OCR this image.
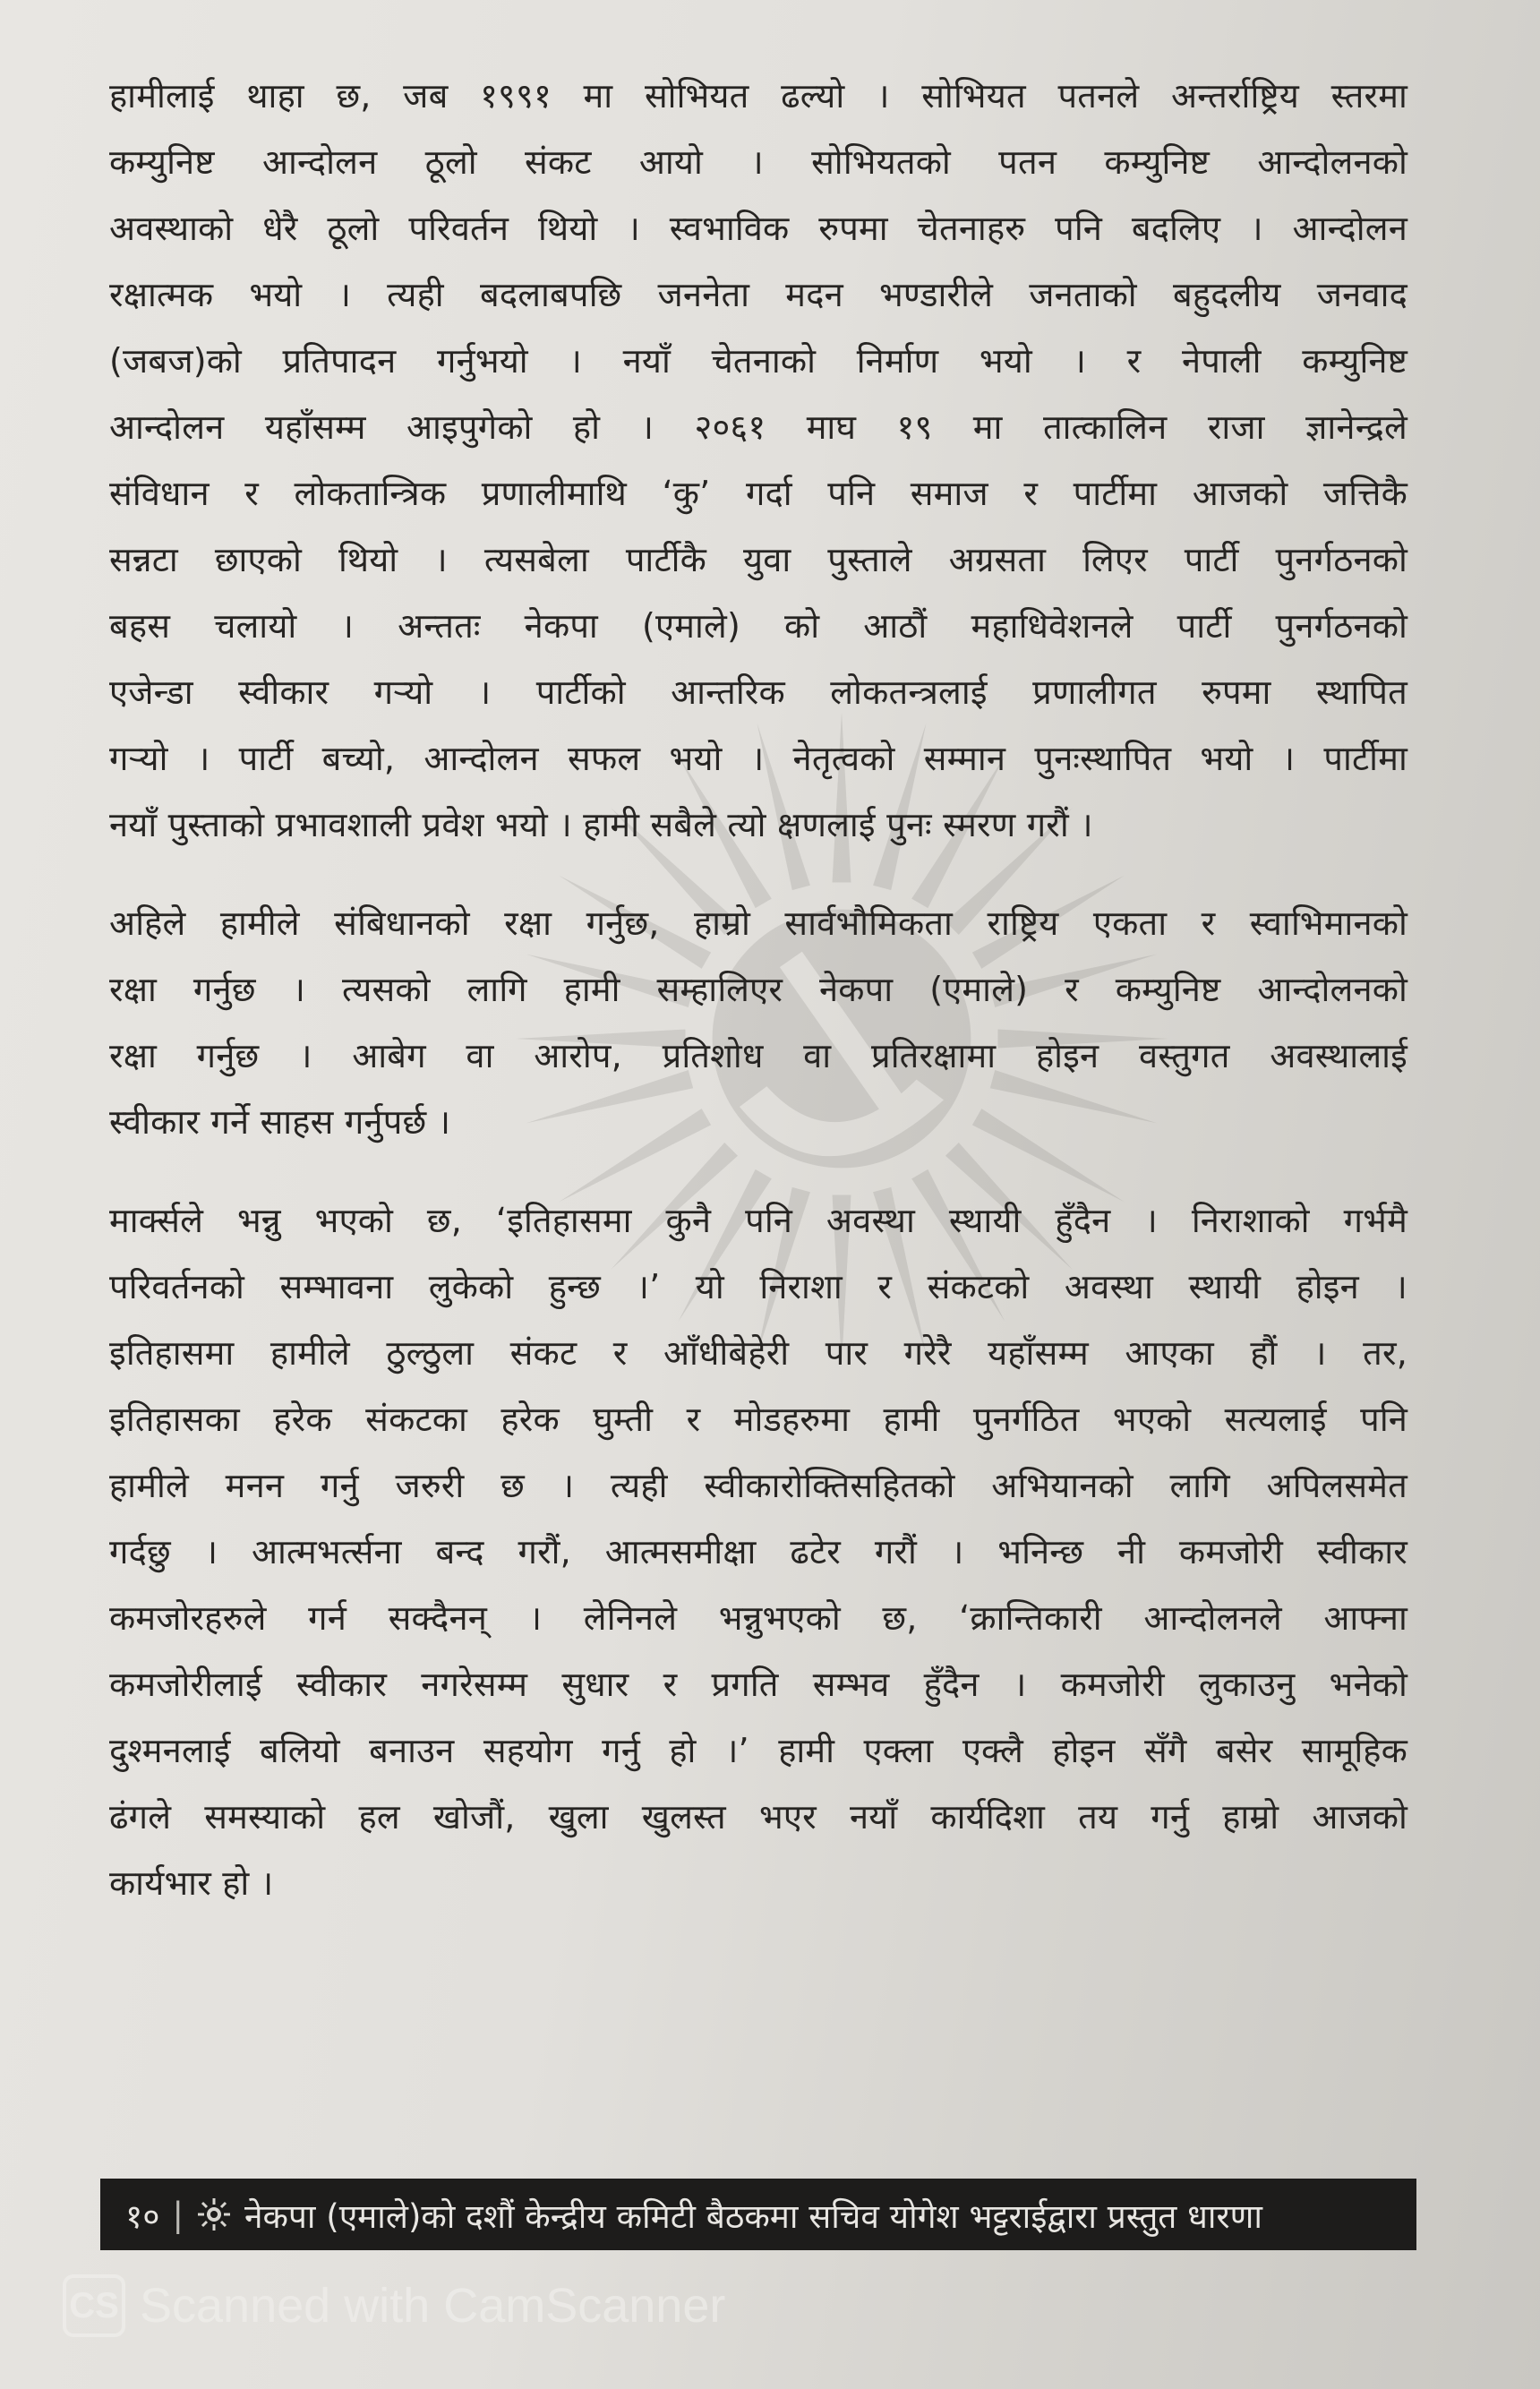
हामीलाई थाहा छ, जब १९९१ मा सोभियत ढल्यो । सोभियत पतनले अन्तर्राष्ट्रिय स्तरमा
कम्युनिष्ट आन्दोलन ठूलो संकट आयो । सोभियतको पतन कम्युनिष्ट आन्दोलनको
अवस्थाको धेरै ठूलो परिवर्तन थियो । स्वभाविक रुपमा चेतनाहरु पनि बदलिए । आन्दोलन
रक्षात्मक भयो । त्यही बदलाबपछि जननेता मदन भण्डारीले जनताको बहुदलीय जनवाद
(जबज)को प्रतिपादन गर्नुभयो । नयाँ चेतनाको निर्माण भयो । र नेपाली कम्युनिष्ट
आन्दोलन यहाँसम्म आइपुगेको हो । २०६१ माघ १९ मा तात्कालिन राजा ज्ञानेन्द्रले
संविधान र लोकतान्त्रिक प्रणालीमाथि ‘कु’ गर्दा पनि समाज र पार्टीमा आजको जत्तिकै
सन्नटा छाएको थियो । त्यसबेला पार्टीकै युवा पुस्ताले अग्रसता लिएर पार्टी पुनर्गठनको
बहस चलायो । अन्ततः नेकपा (एमाले) को आठौं महाधिवेशनले पार्टी पुनर्गठनको
एजेन्डा स्वीकार गऱ्यो । पार्टीको आन्तरिक लोकतन्त्रलाई प्रणालीगत रुपमा स्थापित
गऱ्यो । पार्टी बच्यो, आन्दोलन सफल भयो । नेतृत्वको सम्मान पुनःस्थापित भयो । पार्टीमा
नयाँ पुस्ताको प्रभावशाली प्रवेश भयो । हामी सबैले त्यो क्षणलाई पुनः स्मरण गरौं ।
अहिले हामीले संबिधानको रक्षा गर्नुछ, हाम्रो सार्वभौमिकता राष्ट्रिय एकता र स्वाभिमानको
रक्षा गर्नुछ । त्यसको लागि हामी सम्हालिएर नेकपा (एमाले) र कम्युनिष्ट आन्दोलनको
रक्षा गर्नुछ । आबेग वा आरोप, प्रतिशोध वा प्रतिरक्षामा होइन वस्तुगत अवस्थालाई
स्वीकार गर्ने साहस गर्नुपर्छ ।
मार्क्सले भन्नु भएको छ, ‘इतिहासमा कुनै पनि अवस्था स्थायी हुँदैन । निराशाको गर्भमै
परिवर्तनको सम्भावना लुकेको हुन्छ ।’ यो निराशा र संकटको अवस्था स्थायी होइन ।
इतिहासमा हामीले ठुल्ठुला संकट र आँधीबेहेरी पार गरेरै यहाँसम्म आएका हौं । तर,
इतिहासका हरेक संकटका हरेक घुम्ती र मोडहरुमा हामी पुनर्गठित भएको सत्यलाई पनि
हामीले मनन गर्नु जरुरी छ । त्यही स्वीकारोक्तिसहितको अभियानको लागि अपिलसमेत
गर्दछु । आत्मभर्त्सना बन्द गरौं, आत्मसमीक्षा ढटेर गरौं । भनिन्छ नी कमजोरी स्वीकार
कमजोरहरुले गर्न सक्दैनन् । लेनिनले भन्नुभएको छ, ‘क्रान्तिकारी आन्दोलनले आफ्ना
कमजोरीलाई स्वीकार नगरेसम्म सुधार र प्रगति सम्भव हुँदैन । कमजोरी लुकाउनु भनेको
दुश्मनलाई बलियो बनाउन सहयोग गर्नु हो ।’ हामी एक्ला एक्लै होइन सँगै बसेर सामूहिक
ढंगले समस्याको हल खोजौं, खुला खुलस्त भएर नयाँ कार्यदिशा तय गर्नु हाम्रो आजको
कार्यभार हो ।
१० | नेकपा (एमाले)को दशौं केन्द्रीय कमिटी बैठकमा सचिव योगेश भट्टराईद्वारा प्रस्तुत धारणा
CS Scanned with CamScanner
